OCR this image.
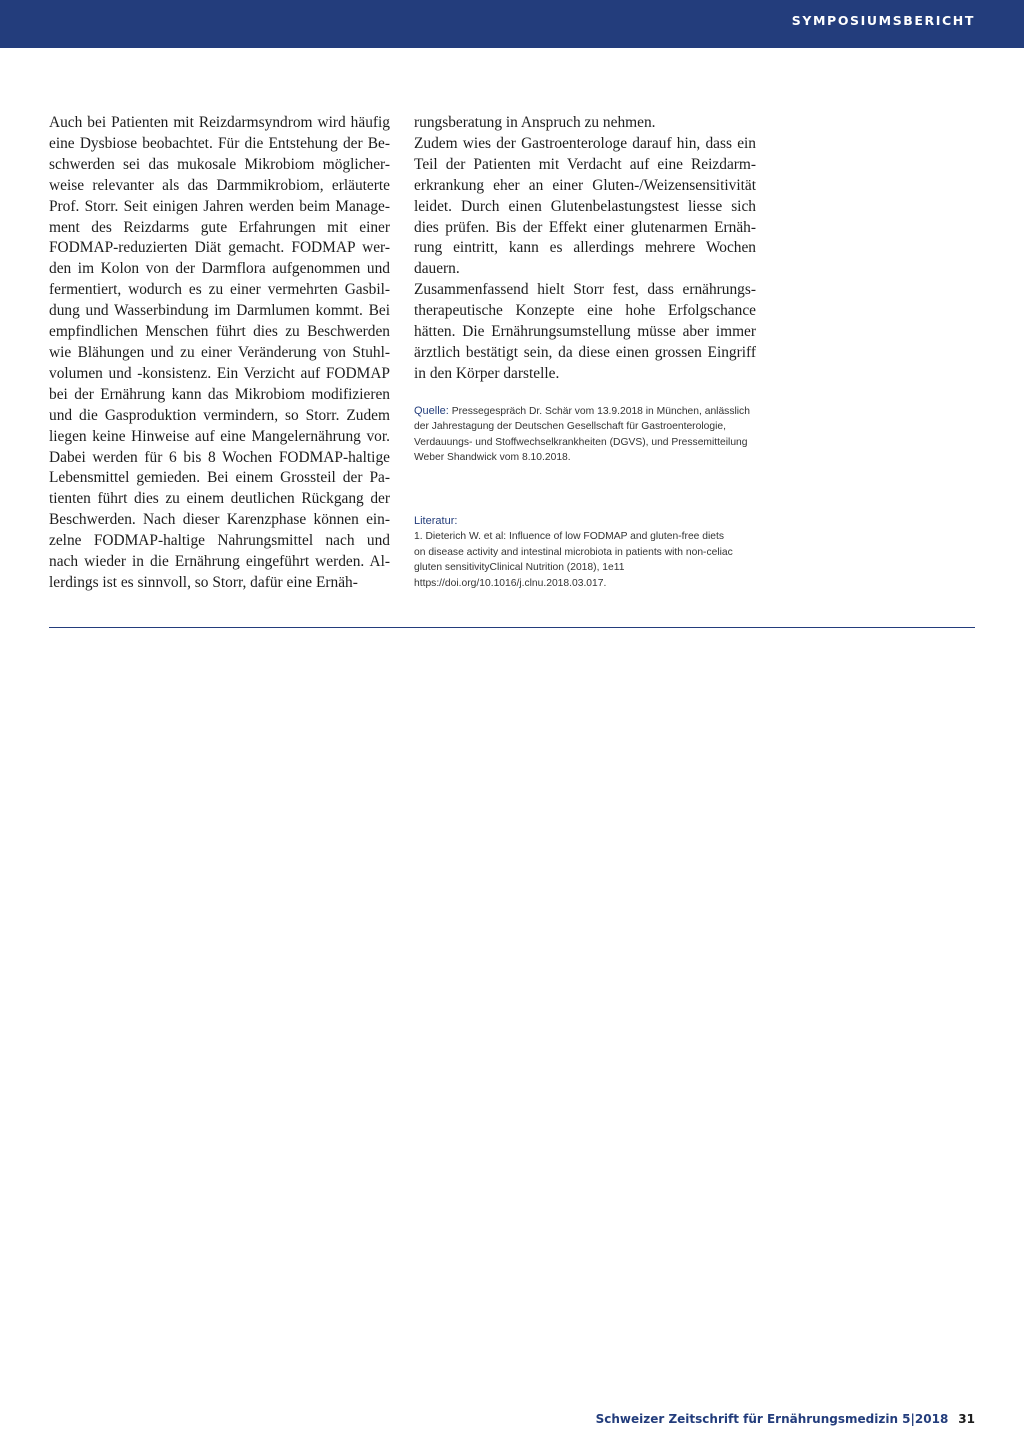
SYMPOSIUMSBERICHT

Auch bei Patienten mit Reizdarmsyndrom wird häufig
eine Dysbiose beobachtet. Für die Entstehung der Be-
schwerden sei das mukosale Mikrobiom möglicher-
weise relevanter als das Darmmikrobiom, erläuterte
Prof. Storr. Seit einigen Jahren werden beim Manage-
ment des Reizdarms gute Erfahrungen mit einer
FODMAP-reduzierten Diät gemacht. FODMAP wer-
den im Kolon von der Darmflora aufgenommen und
fermentiert, wodurch es zu einer vermehrten Gasbil-
dung und Wasserbindung im Darmlumen kommt. Bei
empfindlichen Menschen führt dies zu Beschwerden
wie Blähungen und zu einer Veränderung von Stuhl-
volumen und -konsistenz. Ein Verzicht auf FODMAP
bei der Ernährung kann das Mikrobiom modifizieren
und die Gasproduktion vermindern, so Storr. Zudem
liegen keine Hinweise auf eine Mangelernährung vor.
Dabei werden für 6 bis 8 Wochen FODMAP-haltige
Lebensmittel gemieden. Bei einem Grossteil der Pa-
tienten führt dies zu einem deutlichen Rückgang der
Beschwerden. Nach dieser Karenzphase können ein-
zelne FODMAP-haltige Nahrungsmittel nach und
nach wieder in die Ernährung eingeführt werden. Al-
lerdings ist es sinnvoll, so Storr, dafür eine Ernäh-

rungsberatung in Anspruch zu nehmen.

Zudem wies der Gastroenterologe darauf hin, dass ein
Teil der Patienten mit Verdacht auf eine Reizdarm-
erkrankung eher an einer Gluten-/Weizensensitivität
leidet. Durch einen Glutenbelastungstest liesse sich
dies prüfen. Bis der Effekt einer glutenarmen Ernäh-
rung eintritt, kann es allerdings mehrere Wochen
dauern.

Zusammenfassend hielt Storr fest, dass ernährungs-
therapeutische Konzepte eine hohe Erfolgschance
hätten. Die Ernährungsumstellung müsse aber immer
ärztlich bestätigt sein, da diese einen grossen Eingriff
in den Körper darstelle.

Quelle: Pressegespräch Dr. Schär vom 13.9.2018 in München, anlässlich
der Jahrestagung der Deutschen Gesellschaft für Gastroenterologie,
Verdauungs- und Stoffwechselkrankheiten (DGVS), und Pressemitteilung
Weber Shandwick vom 8.10.2018.
Literatur:
1. Dieterich W. et al: Influence of low FODMAP and gluten-free diets
on disease activity and intestinal microbiota in patients with non-celiac
gluten sensitivityClinical Nutrition (2018), 1e11
https://doi.org/10.1016/j.clnu.2018.03.017.
Schweizer Zeitschrift für Ernährungsmedizin 5|2018 31
